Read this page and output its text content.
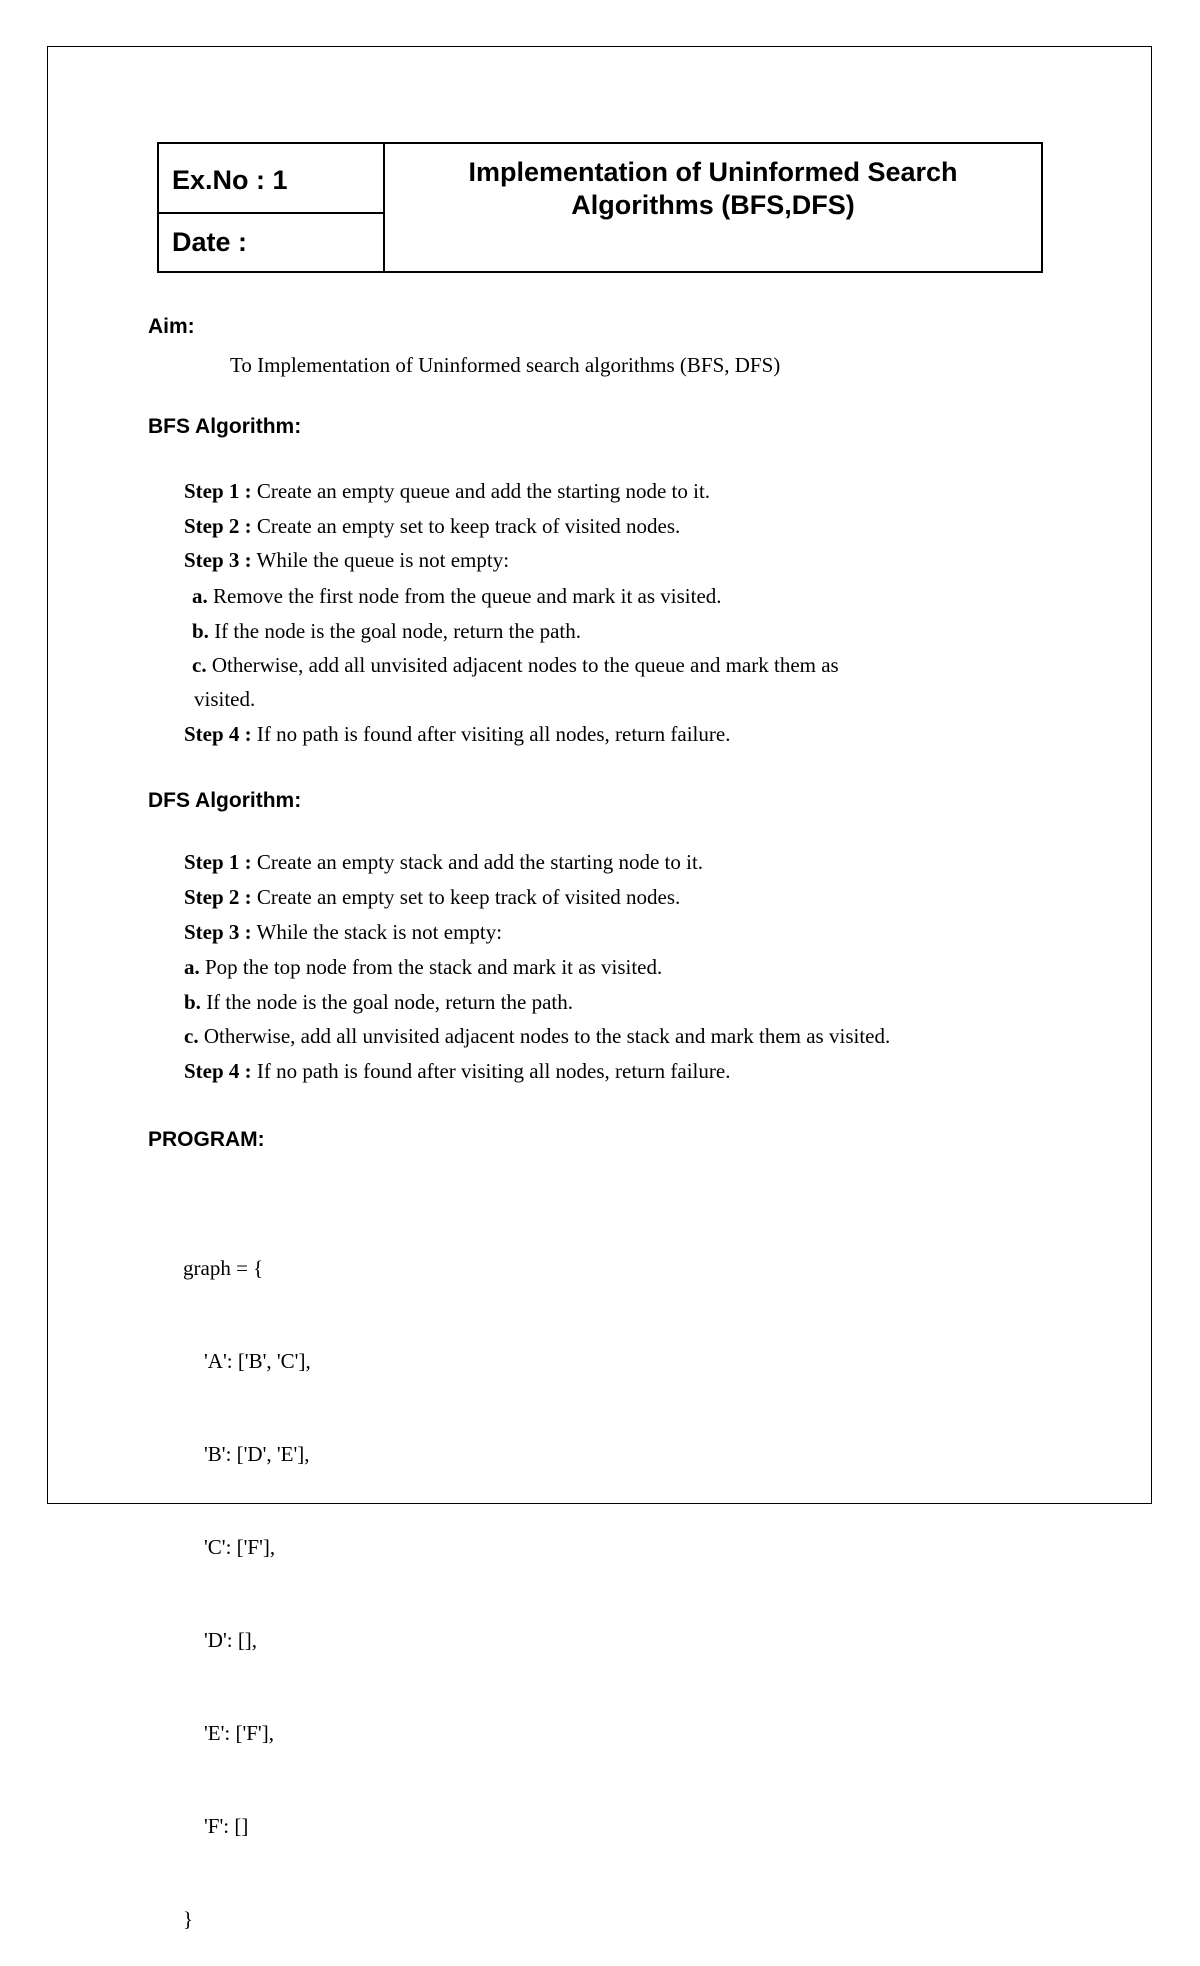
Ex.No : 1
Date :
Implementation of Uninformed Search
Algorithms (BFS,DFS)
Aim:

To Implementation of Uninformed search algorithms (BFS, DFS)

BFS Algorithm:

Step 1 : Create an empty queue and add the starting node to it.

Step 2 : Create an empty set to keep track of visited nodes.

Step 3 : While the queue is not empty:

a. Remove the first node from the queue and mark it as visited.

b. If the node is the goal node, return the path.

c. Otherwise, add all unvisited adjacent nodes to the queue and mark them as

visited.

Step 4 : If no path is found after visiting all nodes, return failure.

DFS Algorithm:

Step 1 : Create an empty stack and add the starting node to it.

Step 2 : Create an empty set to keep track of visited nodes.

Step 3 : While the stack is not empty:

a. Pop the top node from the stack and mark it as visited.

b. If the node is the goal node, return the path.

c. Otherwise, add all unvisited adjacent nodes to the stack and mark them as visited.

Step 4 : If no path is found after visiting all nodes, return failure.

PROGRAM:

graph = {

'A': ['B', 'C'],

'B': ['D', 'E'],

'C': ['F'],

'D': [],

'E': ['F'],

'F': []

}
